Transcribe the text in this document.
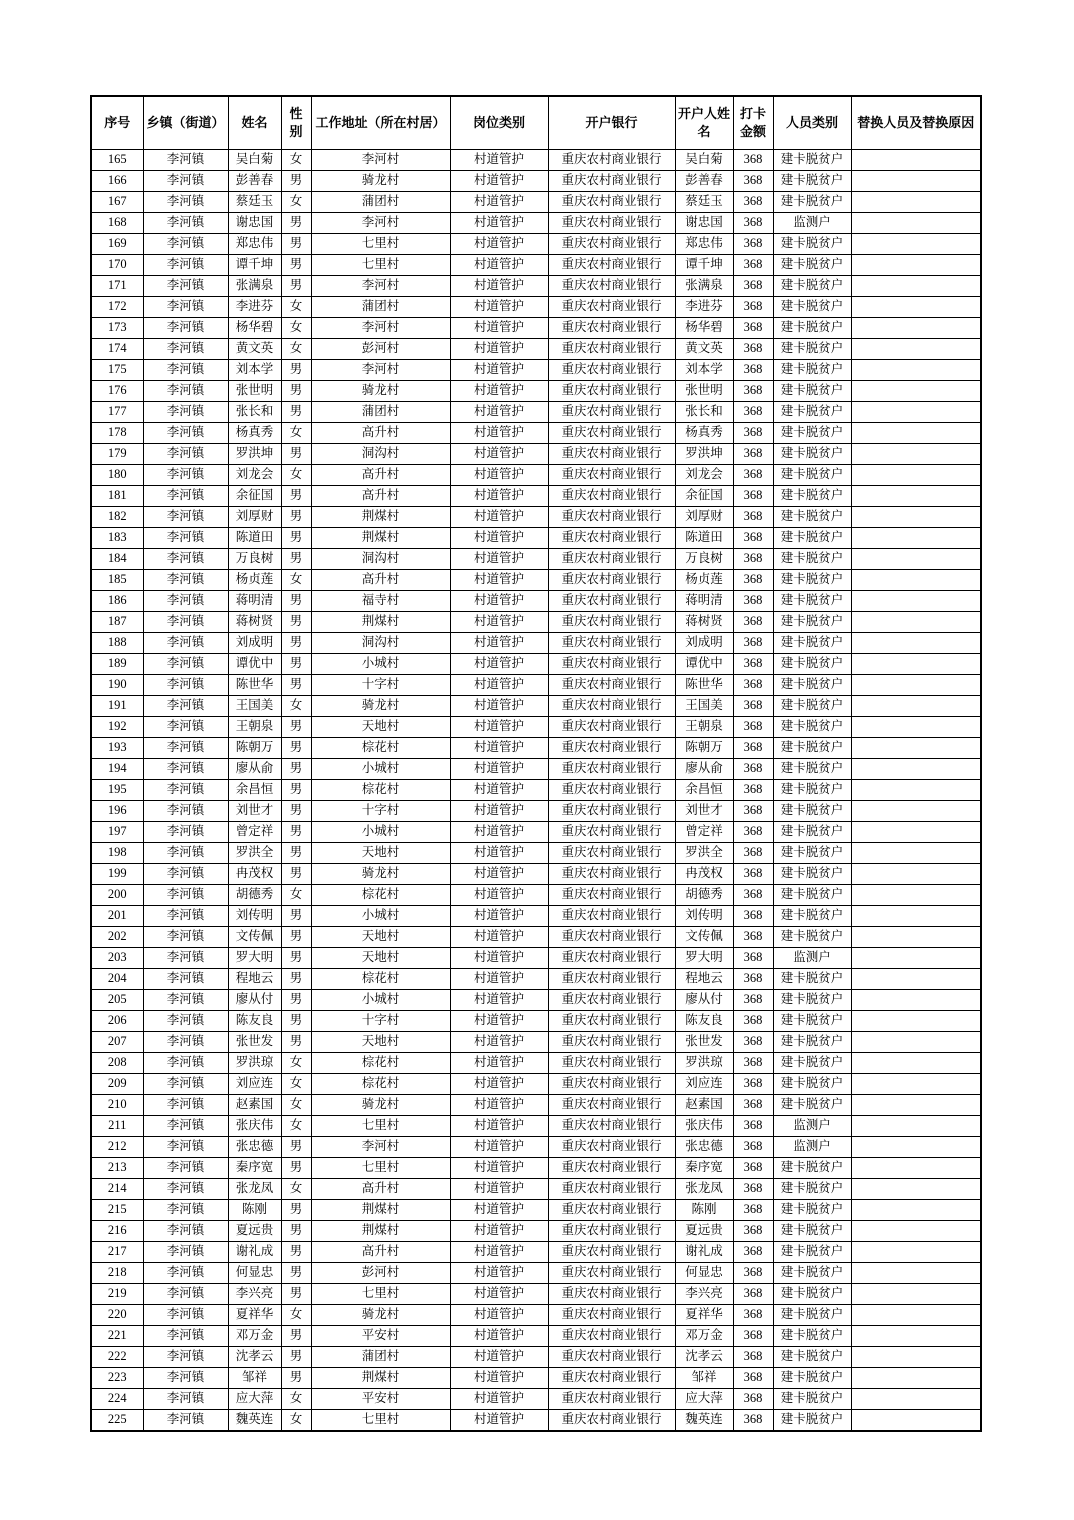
序号	乡镇（街道）	姓名	性别	工作地址（所在村居）	岗位类别	开户银行	开户人姓名	打卡金额	人员类别	替换人员及替换原因
165	李河镇	吴白菊	女	李河村	村道管护	重庆农村商业银行	吴白菊	368	建卡脱贫户	
166	李河镇	彭善春	男	骑龙村	村道管护	重庆农村商业银行	彭善春	368	建卡脱贫户	
167	李河镇	蔡廷玉	女	蒲团村	村道管护	重庆农村商业银行	蔡廷玉	368	建卡脱贫户	
168	李河镇	谢忠国	男	李河村	村道管护	重庆农村商业银行	谢忠国	368	监测户	
169	李河镇	郑忠伟	男	七里村	村道管护	重庆农村商业银行	郑忠伟	368	建卡脱贫户	
170	李河镇	谭千坤	男	七里村	村道管护	重庆农村商业银行	谭千坤	368	建卡脱贫户	
171	李河镇	张满泉	男	李河村	村道管护	重庆农村商业银行	张满泉	368	建卡脱贫户	
172	李河镇	李进芬	女	蒲团村	村道管护	重庆农村商业银行	李进芬	368	建卡脱贫户	
173	李河镇	杨华碧	女	李河村	村道管护	重庆农村商业银行	杨华碧	368	建卡脱贫户	
174	李河镇	黄文英	女	彭河村	村道管护	重庆农村商业银行	黄文英	368	建卡脱贫户	
175	李河镇	刘本学	男	李河村	村道管护	重庆农村商业银行	刘本学	368	建卡脱贫户	
176	李河镇	张世明	男	骑龙村	村道管护	重庆农村商业银行	张世明	368	建卡脱贫户	
177	李河镇	张长和	男	蒲团村	村道管护	重庆农村商业银行	张长和	368	建卡脱贫户	
178	李河镇	杨真秀	女	高升村	村道管护	重庆农村商业银行	杨真秀	368	建卡脱贫户	
179	李河镇	罗洪坤	男	洞沟村	村道管护	重庆农村商业银行	罗洪坤	368	建卡脱贫户	
180	李河镇	刘龙会	女	高升村	村道管护	重庆农村商业银行	刘龙会	368	建卡脱贫户	
181	李河镇	余征国	男	高升村	村道管护	重庆农村商业银行	余征国	368	建卡脱贫户	
182	李河镇	刘厚财	男	荆煤村	村道管护	重庆农村商业银行	刘厚财	368	建卡脱贫户	
183	李河镇	陈道田	男	荆煤村	村道管护	重庆农村商业银行	陈道田	368	建卡脱贫户	
184	李河镇	万良树	男	洞沟村	村道管护	重庆农村商业银行	万良树	368	建卡脱贫户	
185	李河镇	杨贞莲	女	高升村	村道管护	重庆农村商业银行	杨贞莲	368	建卡脱贫户	
186	李河镇	蒋明清	男	福寺村	村道管护	重庆农村商业银行	蒋明清	368	建卡脱贫户	
187	李河镇	蒋树贤	男	荆煤村	村道管护	重庆农村商业银行	蒋树贤	368	建卡脱贫户	
188	李河镇	刘成明	男	洞沟村	村道管护	重庆农村商业银行	刘成明	368	建卡脱贫户	
189	李河镇	谭优中	男	小城村	村道管护	重庆农村商业银行	谭优中	368	建卡脱贫户	
190	李河镇	陈世华	男	十字村	村道管护	重庆农村商业银行	陈世华	368	建卡脱贫户	
191	李河镇	王国美	女	骑龙村	村道管护	重庆农村商业银行	王国美	368	建卡脱贫户	
192	李河镇	王朝泉	男	天地村	村道管护	重庆农村商业银行	王朝泉	368	建卡脱贫户	
193	李河镇	陈朝万	男	棕花村	村道管护	重庆农村商业银行	陈朝万	368	建卡脱贫户	
194	李河镇	廖从俞	男	小城村	村道管护	重庆农村商业银行	廖从俞	368	建卡脱贫户	
195	李河镇	余昌恒	男	棕花村	村道管护	重庆农村商业银行	余昌恒	368	建卡脱贫户	
196	李河镇	刘世才	男	十字村	村道管护	重庆农村商业银行	刘世才	368	建卡脱贫户	
197	李河镇	曾定祥	男	小城村	村道管护	重庆农村商业银行	曾定祥	368	建卡脱贫户	
198	李河镇	罗洪全	男	天地村	村道管护	重庆农村商业银行	罗洪全	368	建卡脱贫户	
199	李河镇	冉茂权	男	骑龙村	村道管护	重庆农村商业银行	冉茂权	368	建卡脱贫户	
200	李河镇	胡德秀	女	棕花村	村道管护	重庆农村商业银行	胡德秀	368	建卡脱贫户	
201	李河镇	刘传明	男	小城村	村道管护	重庆农村商业银行	刘传明	368	建卡脱贫户	
202	李河镇	文传佩	男	天地村	村道管护	重庆农村商业银行	文传佩	368	建卡脱贫户	
203	李河镇	罗大明	男	天地村	村道管护	重庆农村商业银行	罗大明	368	监测户	
204	李河镇	程地云	男	棕花村	村道管护	重庆农村商业银行	程地云	368	建卡脱贫户	
205	李河镇	廖从付	男	小城村	村道管护	重庆农村商业银行	廖从付	368	建卡脱贫户	
206	李河镇	陈友良	男	十字村	村道管护	重庆农村商业银行	陈友良	368	建卡脱贫户	
207	李河镇	张世发	男	天地村	村道管护	重庆农村商业银行	张世发	368	建卡脱贫户	
208	李河镇	罗洪琼	女	棕花村	村道管护	重庆农村商业银行	罗洪琼	368	建卡脱贫户	
209	李河镇	刘应连	女	棕花村	村道管护	重庆农村商业银行	刘应连	368	建卡脱贫户	
210	李河镇	赵素国	女	骑龙村	村道管护	重庆农村商业银行	赵素国	368	建卡脱贫户	
211	李河镇	张庆伟	女	七里村	村道管护	重庆农村商业银行	张庆伟	368	监测户	
212	李河镇	张忠德	男	李河村	村道管护	重庆农村商业银行	张忠德	368	监测户	
213	李河镇	秦序宽	男	七里村	村道管护	重庆农村商业银行	秦序宽	368	建卡脱贫户	
214	李河镇	张龙凤	女	高升村	村道管护	重庆农村商业银行	张龙凤	368	建卡脱贫户	
215	李河镇	陈刚	男	荆煤村	村道管护	重庆农村商业银行	陈刚	368	建卡脱贫户	
216	李河镇	夏远贵	男	荆煤村	村道管护	重庆农村商业银行	夏远贵	368	建卡脱贫户	
217	李河镇	谢礼成	男	高升村	村道管护	重庆农村商业银行	谢礼成	368	建卡脱贫户	
218	李河镇	何显忠	男	彭河村	村道管护	重庆农村商业银行	何显忠	368	建卡脱贫户	
219	李河镇	李兴亮	男	七里村	村道管护	重庆农村商业银行	李兴亮	368	建卡脱贫户	
220	李河镇	夏祥华	女	骑龙村	村道管护	重庆农村商业银行	夏祥华	368	建卡脱贫户	
221	李河镇	邓万金	男	平安村	村道管护	重庆农村商业银行	邓万金	368	建卡脱贫户	
222	李河镇	沈孝云	男	蒲团村	村道管护	重庆农村商业银行	沈孝云	368	建卡脱贫户	
223	李河镇	邹祥	男	荆煤村	村道管护	重庆农村商业银行	邹祥	368	建卡脱贫户	
224	李河镇	应大萍	女	平安村	村道管护	重庆农村商业银行	应大萍	368	建卡脱贫户	
225	李河镇	魏英连	女	七里村	村道管护	重庆农村商业银行	魏英连	368	建卡脱贫户	
